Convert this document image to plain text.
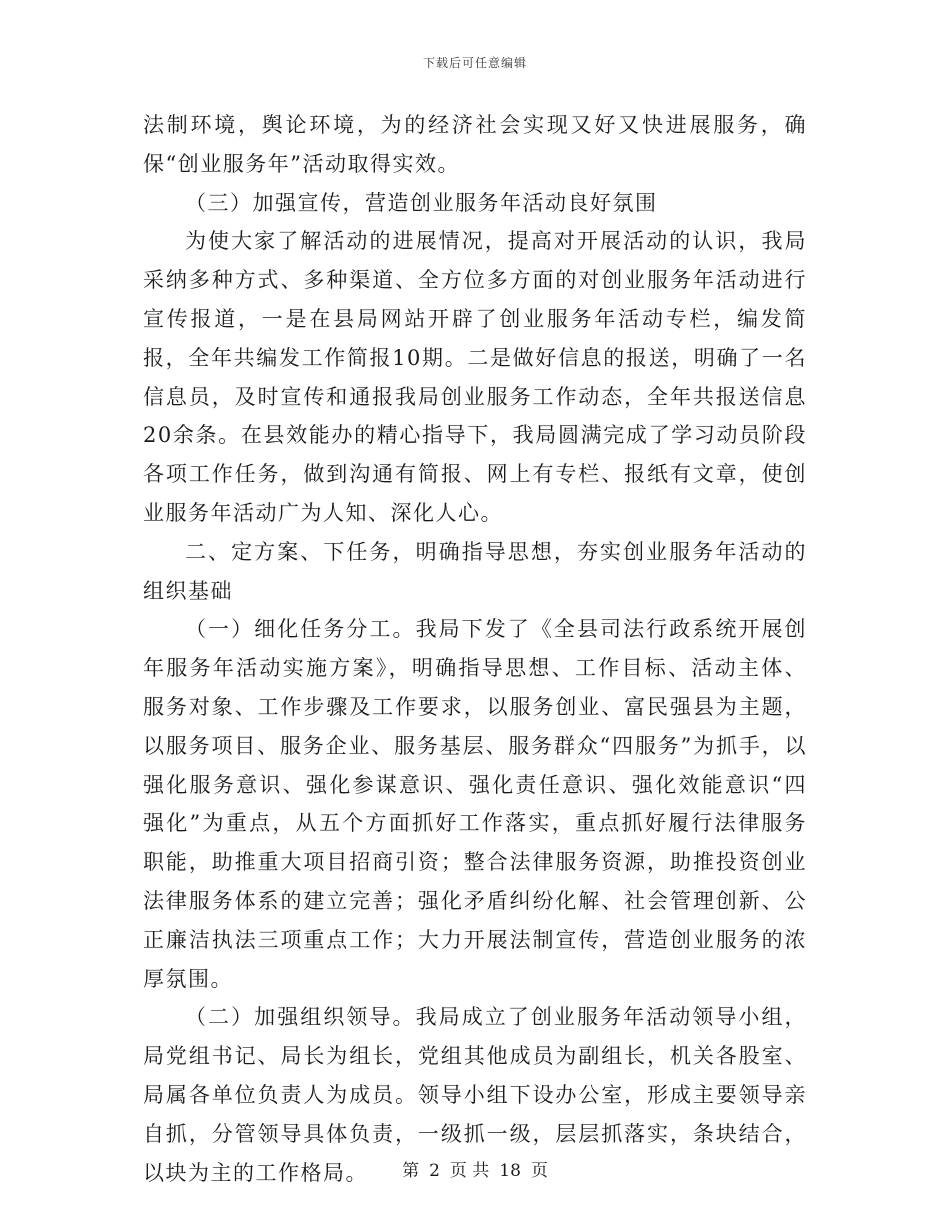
下载后可任意编辑

法制环境，舆论环境，为的经济社会实现又好又快进展服务，确保“创业服务年”活动取得实效。

（三）加强宣传，营造创业服务年活动良好氛围

为使大家了解活动的进展情况，提高对开展活动的认识，我局采纳多种方式、多种渠道、全方位多方面的对创业服务年活动进行宣传报道，一是在县局网站开辟了创业服务年活动专栏，编发简报，全年共编发工作简报10期。二是做好信息的报送，明确了一名信息员，及时宣传和通报我局创业服务工作动态，全年共报送信息20余条。在县效能办的精心指导下，我局圆满完成了学习动员阶段各项工作任务，做到沟通有简报、网上有专栏、报纸有文章，使创业服务年活动广为人知、深化人心。

二、定方案、下任务，明确指导思想，夯实创业服务年活动的组织基础

（一）细化任务分工。我局下发了《全县司法行政系统开展创年服务年活动实施方案》，明确指导思想、工作目标、活动主体、服务对象、工作步骤及工作要求，以服务创业、富民强县为主题，以服务项目、服务企业、服务基层、服务群众“四服务”为抓手，以强化服务意识、强化参谋意识、强化责任意识、强化效能意识“四强化”为重点，从五个方面抓好工作落实，重点抓好履行法律服务职能，助推重大项目招商引资；整合法律服务资源，助推投资创业法律服务体系的建立完善；强化矛盾纠纷化解、社会管理创新、公正廉洁执法三项重点工作；大力开展法制宣传，营造创业服务的浓厚氛围。

（二）加强组织领导。我局成立了创业服务年活动领导小组，局党组书记、局长为组长，党组其他成员为副组长，机关各股室、局属各单位负责人为成员。领导小组下设办公室，形成主要领导亲自抓，分管领导具体负责，一级抓一级，层层抓落实，条块结合，以块为主的工作格局。	第 2 页 共 18 页
